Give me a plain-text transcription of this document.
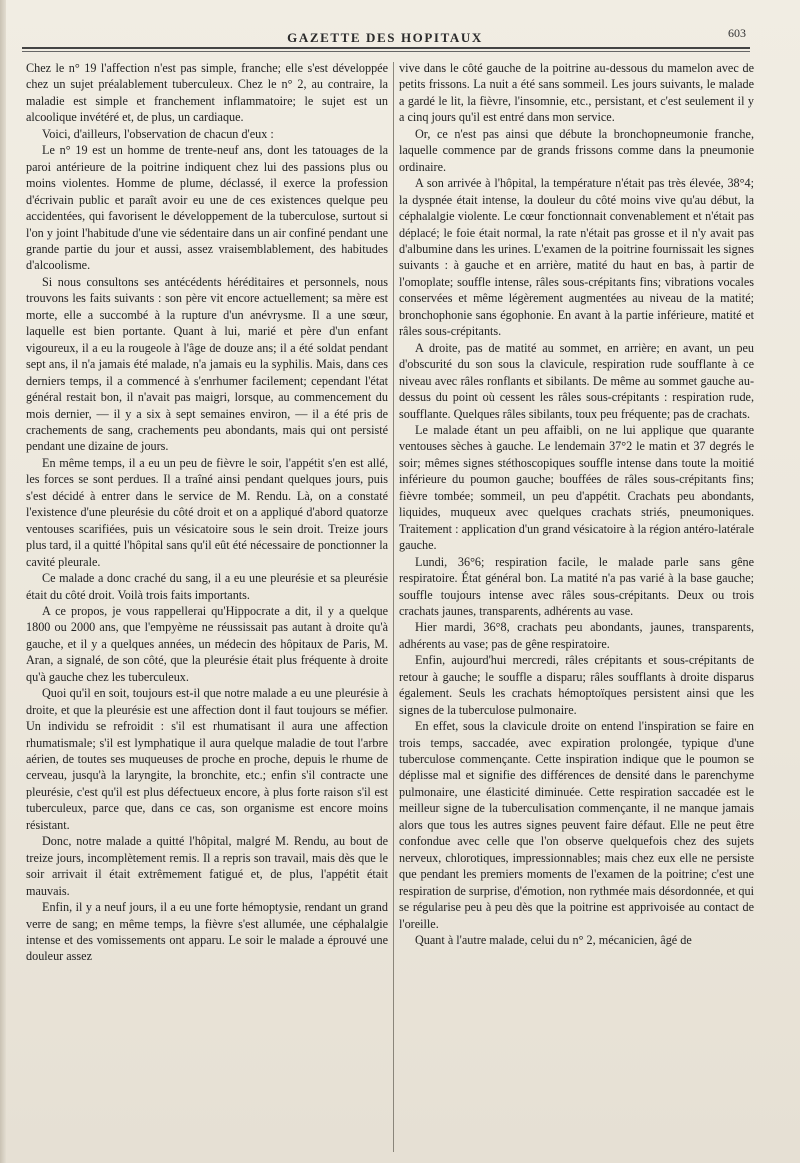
GAZETTE DES HOPITAUX	603

Chez le n° 19 l'affection n'est pas simple, franche; elle s'est développée chez un sujet préalablement tuberculeux. Chez le n° 2, au contraire, la maladie est simple et franchement inflammatoire; le sujet est un alcoolique invétéré et, de plus, un cardiaque.

Voici, d'ailleurs, l'observation de chacun d'eux :

Le n° 19 est un homme de trente-neuf ans, dont les tatouages de la paroi antérieure de la poitrine indiquent chez lui des passions plus ou moins violentes. Homme de plume, déclassé, il exerce la profession d'écrivain public et paraît avoir eu une de ces existences quelque peu accidentées, qui favorisent le développement de la tuberculose, surtout si l'on y joint l'habitude d'une vie sédentaire dans un air confiné pendant une grande partie du jour et aussi, assez vraisemblablement, des habitudes d'alcoolisme.

Si nous consultons ses antécédents héréditaires et personnels, nous trouvons les faits suivants : son père vit encore actuellement; sa mère est morte, elle a succombé à la rupture d'un anévrysme. Il a une sœur, laquelle est bien portante. Quant à lui, marié et père d'un enfant vigoureux, il a eu la rougeole à l'âge de douze ans; il a été soldat pendant sept ans, il n'a jamais été malade, n'a jamais eu la syphilis. Mais, dans ces derniers temps, il a commencé à s'enrhumer facilement; cependant l'état général restait bon, il n'avait pas maigri, lorsque, au commencement du mois dernier, — il y a six à sept semaines environ, — il a été pris de crachements de sang, crachements peu abondants, mais qui ont persisté pendant une dizaine de jours.

En même temps, il a eu un peu de fièvre le soir, l'appétit s'en est allé, les forces se sont perdues. Il a traîné ainsi pendant quelques jours, puis s'est décidé à entrer dans le service de M. Rendu. Là, on a constaté l'existence d'une pleurésie du côté droit et on a appliqué d'abord quatorze ventouses scarifiées, puis un vésicatoire sous le sein droit. Treize jours plus tard, il a quitté l'hôpital sans qu'il eût été nécessaire de ponctionner la cavité pleurale.

Ce malade a donc craché du sang, il a eu une pleurésie et sa pleurésie était du côté droit. Voilà trois faits importants.

A ce propos, je vous rappellerai qu'Hippocrate a dit, il y a quelque 1800 ou 2000 ans, que l'empyème ne réussissait pas autant à droite qu'à gauche, et il y a quelques années, un médecin des hôpitaux de Paris, M. Aran, a signalé, de son côté, que la pleurésie était plus fréquente à droite qu'à gauche chez les tuberculeux.

Quoi qu'il en soit, toujours est-il que notre malade a eu une pleurésie à droite, et que la pleurésie est une affection dont il faut toujours se méfier. Un individu se refroidit : s'il est rhumatisant il aura une affection rhumatismale; s'il est lymphatique il aura quelque maladie de tout l'arbre aérien, de toutes ses muqueuses de proche en proche, depuis le rhume de cerveau, jusqu'à la laryngite, la bronchite, etc.; enfin s'il contracte une pleurésie, c'est qu'il est plus défectueux encore, à plus forte raison s'il est tuberculeux, parce que, dans ce cas, son organisme est encore moins résistant.

Donc, notre malade a quitté l'hôpital, malgré M. Rendu, au bout de treize jours, incomplètement remis. Il a repris son travail, mais dès que le soir arrivait il était extrêmement fatigué et, de plus, l'appétit était mauvais.

Enfin, il y a neuf jours, il a eu une forte hémoptysie, rendant un grand verre de sang; en même temps, la fièvre s'est allumée, une céphalalgie intense et des vomissements ont apparu. Le soir le malade a éprouvé une douleur assez

vive dans le côté gauche de la poitrine au-dessous du mamelon avec de petits frissons. La nuit a été sans sommeil. Les jours suivants, le malade a gardé le lit, la fièvre, l'insomnie, etc., persistant, et c'est seulement il y a cinq jours qu'il est entré dans mon service.

Or, ce n'est pas ainsi que débute la bronchopneumonie franche, laquelle commence par de grands frissons comme dans la pneumonie ordinaire.

A son arrivée à l'hôpital, la température n'était pas très élevée, 38°4; la dyspnée était intense, la douleur du côté moins vive qu'au début, la céphalalgie violente. Le cœur fonctionnait convenablement et n'était pas déplacé; le foie était normal, la rate n'était pas grosse et il n'y avait pas d'albumine dans les urines. L'examen de la poitrine fournissait les signes suivants : à gauche et en arrière, matité du haut en bas, à partir de l'omoplate; souffle intense, râles sous-crépitants fins; vibrations vocales conservées et même légèrement augmentées au niveau de la matité; bronchophonie sans égophonie. En avant à la partie inférieure, matité et râles sous-crépitants.

A droite, pas de matité au sommet, en arrière; en avant, un peu d'obscurité du son sous la clavicule, respiration rude soufflante à ce niveau avec râles ronflants et sibilants. De même au sommet gauche au-dessus du point où cessent les râles sous-crépitants : respiration rude, soufflante. Quelques râles sibilants, toux peu fréquente; pas de crachats.

Le malade étant un peu affaibli, on ne lui applique que quarante ventouses sèches à gauche. Le lendemain 37°2 le matin et 37 degrés le soir; mêmes signes stéthoscopiques souffle intense dans toute la moitié inférieure du poumon gauche; bouffées de râles sous-crépitants fins; fièvre tombée; sommeil, un peu d'appétit. Crachats peu abondants, liquides, muqueux avec quelques crachats striés, pneumoniques. Traitement : application d'un grand vésicatoire à la région antéro-latérale gauche.

Lundi, 36°6; respiration facile, le malade parle sans gêne respiratoire. État général bon. La matité n'a pas varié à la base gauche; souffle toujours intense avec râles sous-crépitants. Deux ou trois crachats jaunes, transparents, adhérents au vase.

Hier mardi, 36°8, crachats peu abondants, jaunes, transparents, adhérents au vase; pas de gêne respiratoire.

Enfin, aujourd'hui mercredi, râles crépitants et sous-crépitants de retour à gauche; le souffle a disparu; râles soufflants à droite disparus également. Seuls les crachats hémoptoïques persistent ainsi que les signes de la tuberculose pulmonaire.

En effet, sous la clavicule droite on entend l'inspiration se faire en trois temps, saccadée, avec expiration prolongée, typique d'une tuberculose commençante. Cette inspiration indique que le poumon se déplisse mal et signifie des différences de densité dans le parenchyme pulmonaire, une élasticité diminuée. Cette respiration saccadée est le meilleur signe de la tuberculisation commençante, il ne manque jamais alors que tous les autres signes peuvent faire défaut. Elle ne peut être confondue avec celle que l'on observe quelquefois chez des sujets nerveux, chlorotiques, impressionnables; mais chez eux elle ne persiste que pendant les premiers moments de l'examen de la poitrine; c'est une respiration de surprise, d'émotion, non rythmée mais désordonnée, et qui se régularise peu à peu dès que la poitrine est apprivoisée au contact de l'oreille.

Quant à l'autre malade, celui du n° 2, mécanicien, âgé de
